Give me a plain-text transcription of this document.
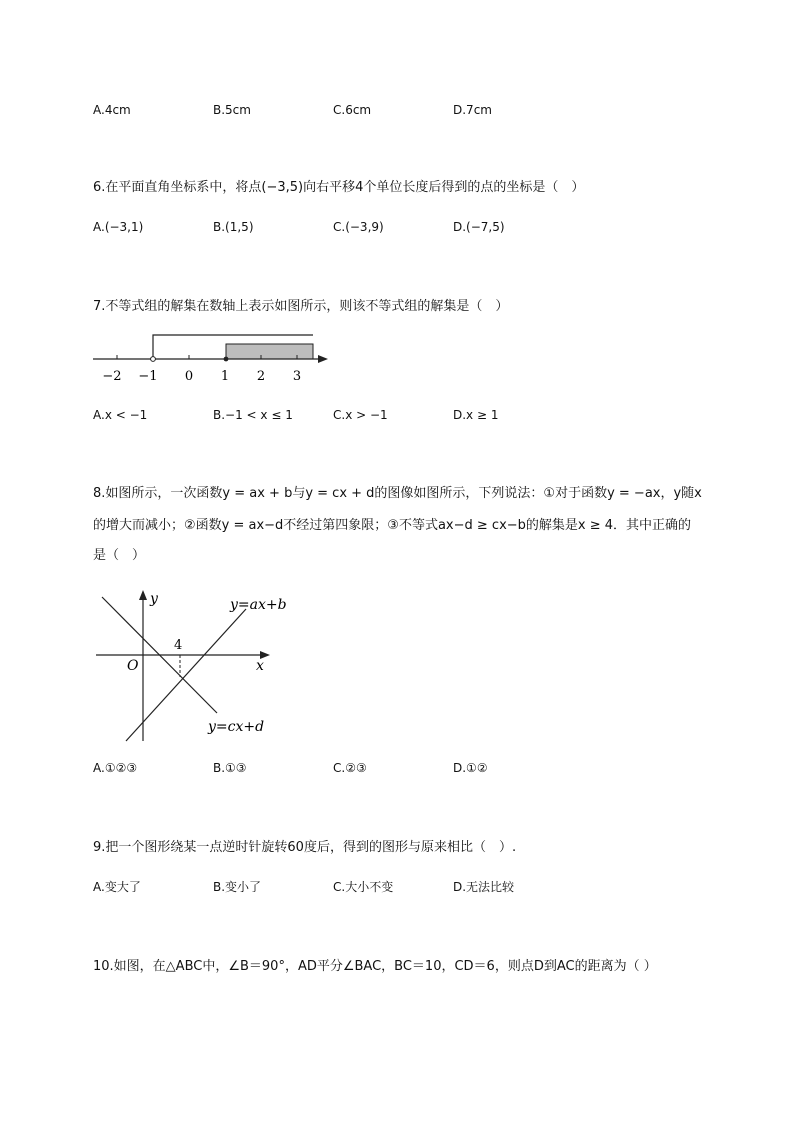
A.4cm	B.5cm	C.6cm	D.7cm
6.在平面直角坐标系中，将点(−3,5)向右平移4个单位长度后得到的点的坐标是（　）
A.(−3,1)	B.(1,5)	C.(−3,9)	D.(−7,5)
7.不等式组的解集在数轴上表示如图所示，则该不等式组的解集是（　）
−2 −1 0 1 2 3
A.x < −1	B.−1 < x ≤ 1	C.x > −1	D.x ≥ 1
8.如图所示，一次函数y = ax + b与y = cx + d的图像如图所示，下列说法：①对于函数y = −ax，y随x
的增大而减小；②函数y = ax−d不经过第四象限；③不等式ax−d ≥ cx−b的解集是x ≥ 4．其中正确的
是（　）
y
x
O
4
y=ax+b
y=cx+d
A.①②③	B.①③	C.②③	D.①②
9.把一个图形绕某一点逆时针旋转60度后，得到的图形与原来相比（　）.
A.变大了	B.变小了	C.大小不变	D.无法比较
10.如图，在△ABC中，∠B＝90°，AD平分∠BAC，BC＝10，CD＝6，则点D到AC的距离为（ ）
